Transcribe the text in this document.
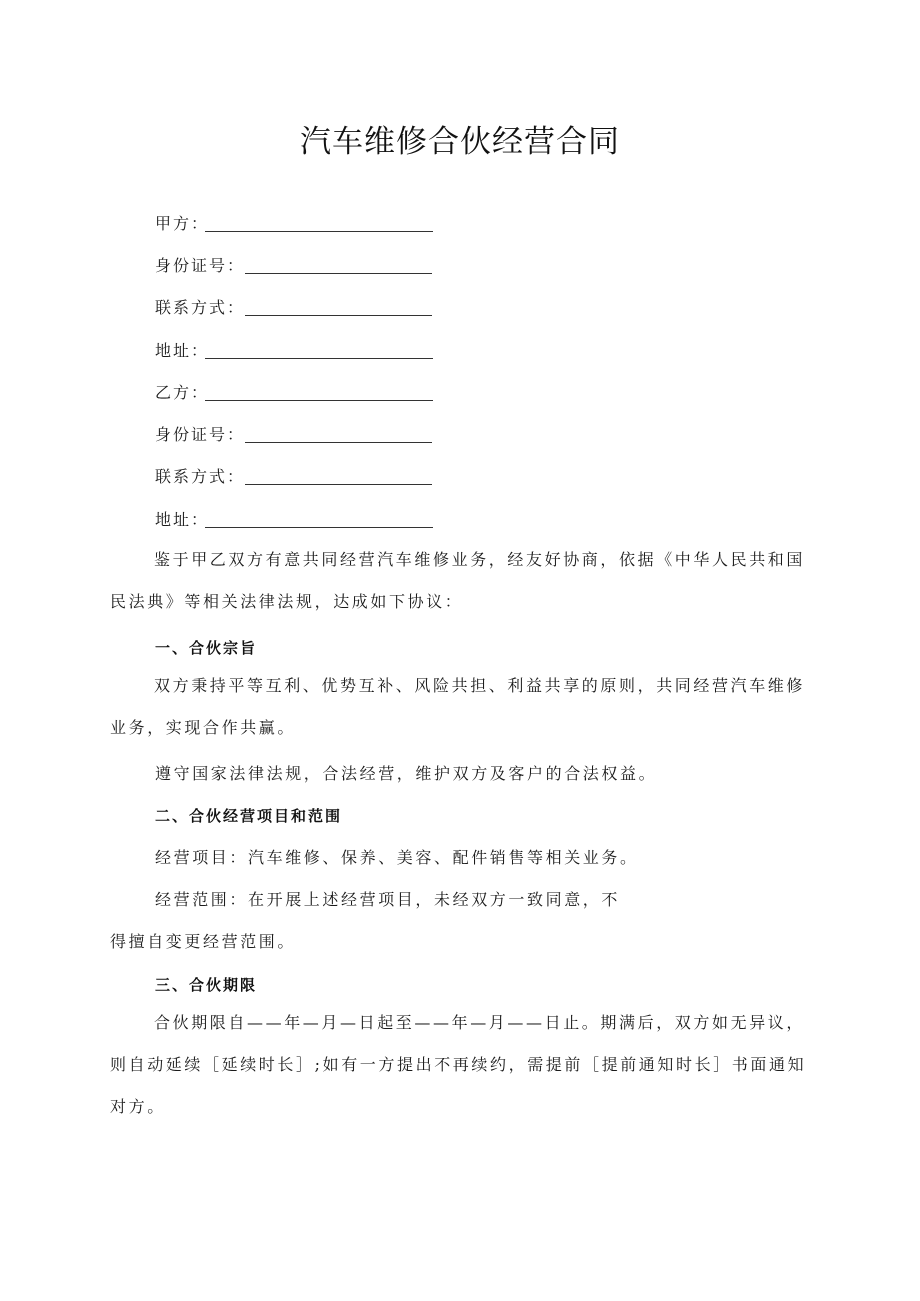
汽车维修合伙经营合同
甲方：
身份证号：
联系方式：
地址：
乙方：
身份证号：
联系方式：
地址：

鉴于甲乙双方有意共同经营汽车维修业务，经友好协商，依据《中华人民共和国民法典》等相关法律法规，达成如下协议：

一、合伙宗旨

双方秉持平等互利、优势互补、风险共担、利益共享的原则，共同经营汽车维修业务，实现合作共赢。

遵守国家法律法规，合法经营，维护双方及客户的合法权益。
二、合伙经营项目和范围
经营项目：汽车维修、保养、美容、配件销售等相关业务。
经营范围：在开展上述经营项目，未经双方一致同意，不
得擅自变更经营范围。
三、合伙期限

合伙期限自——年—月—日起至——年—月——日止。期满后，双方如无异议，则自动延续［延续时长］;如有一方提出不再续约，需提前［提前通知时长］书面通知对方。
